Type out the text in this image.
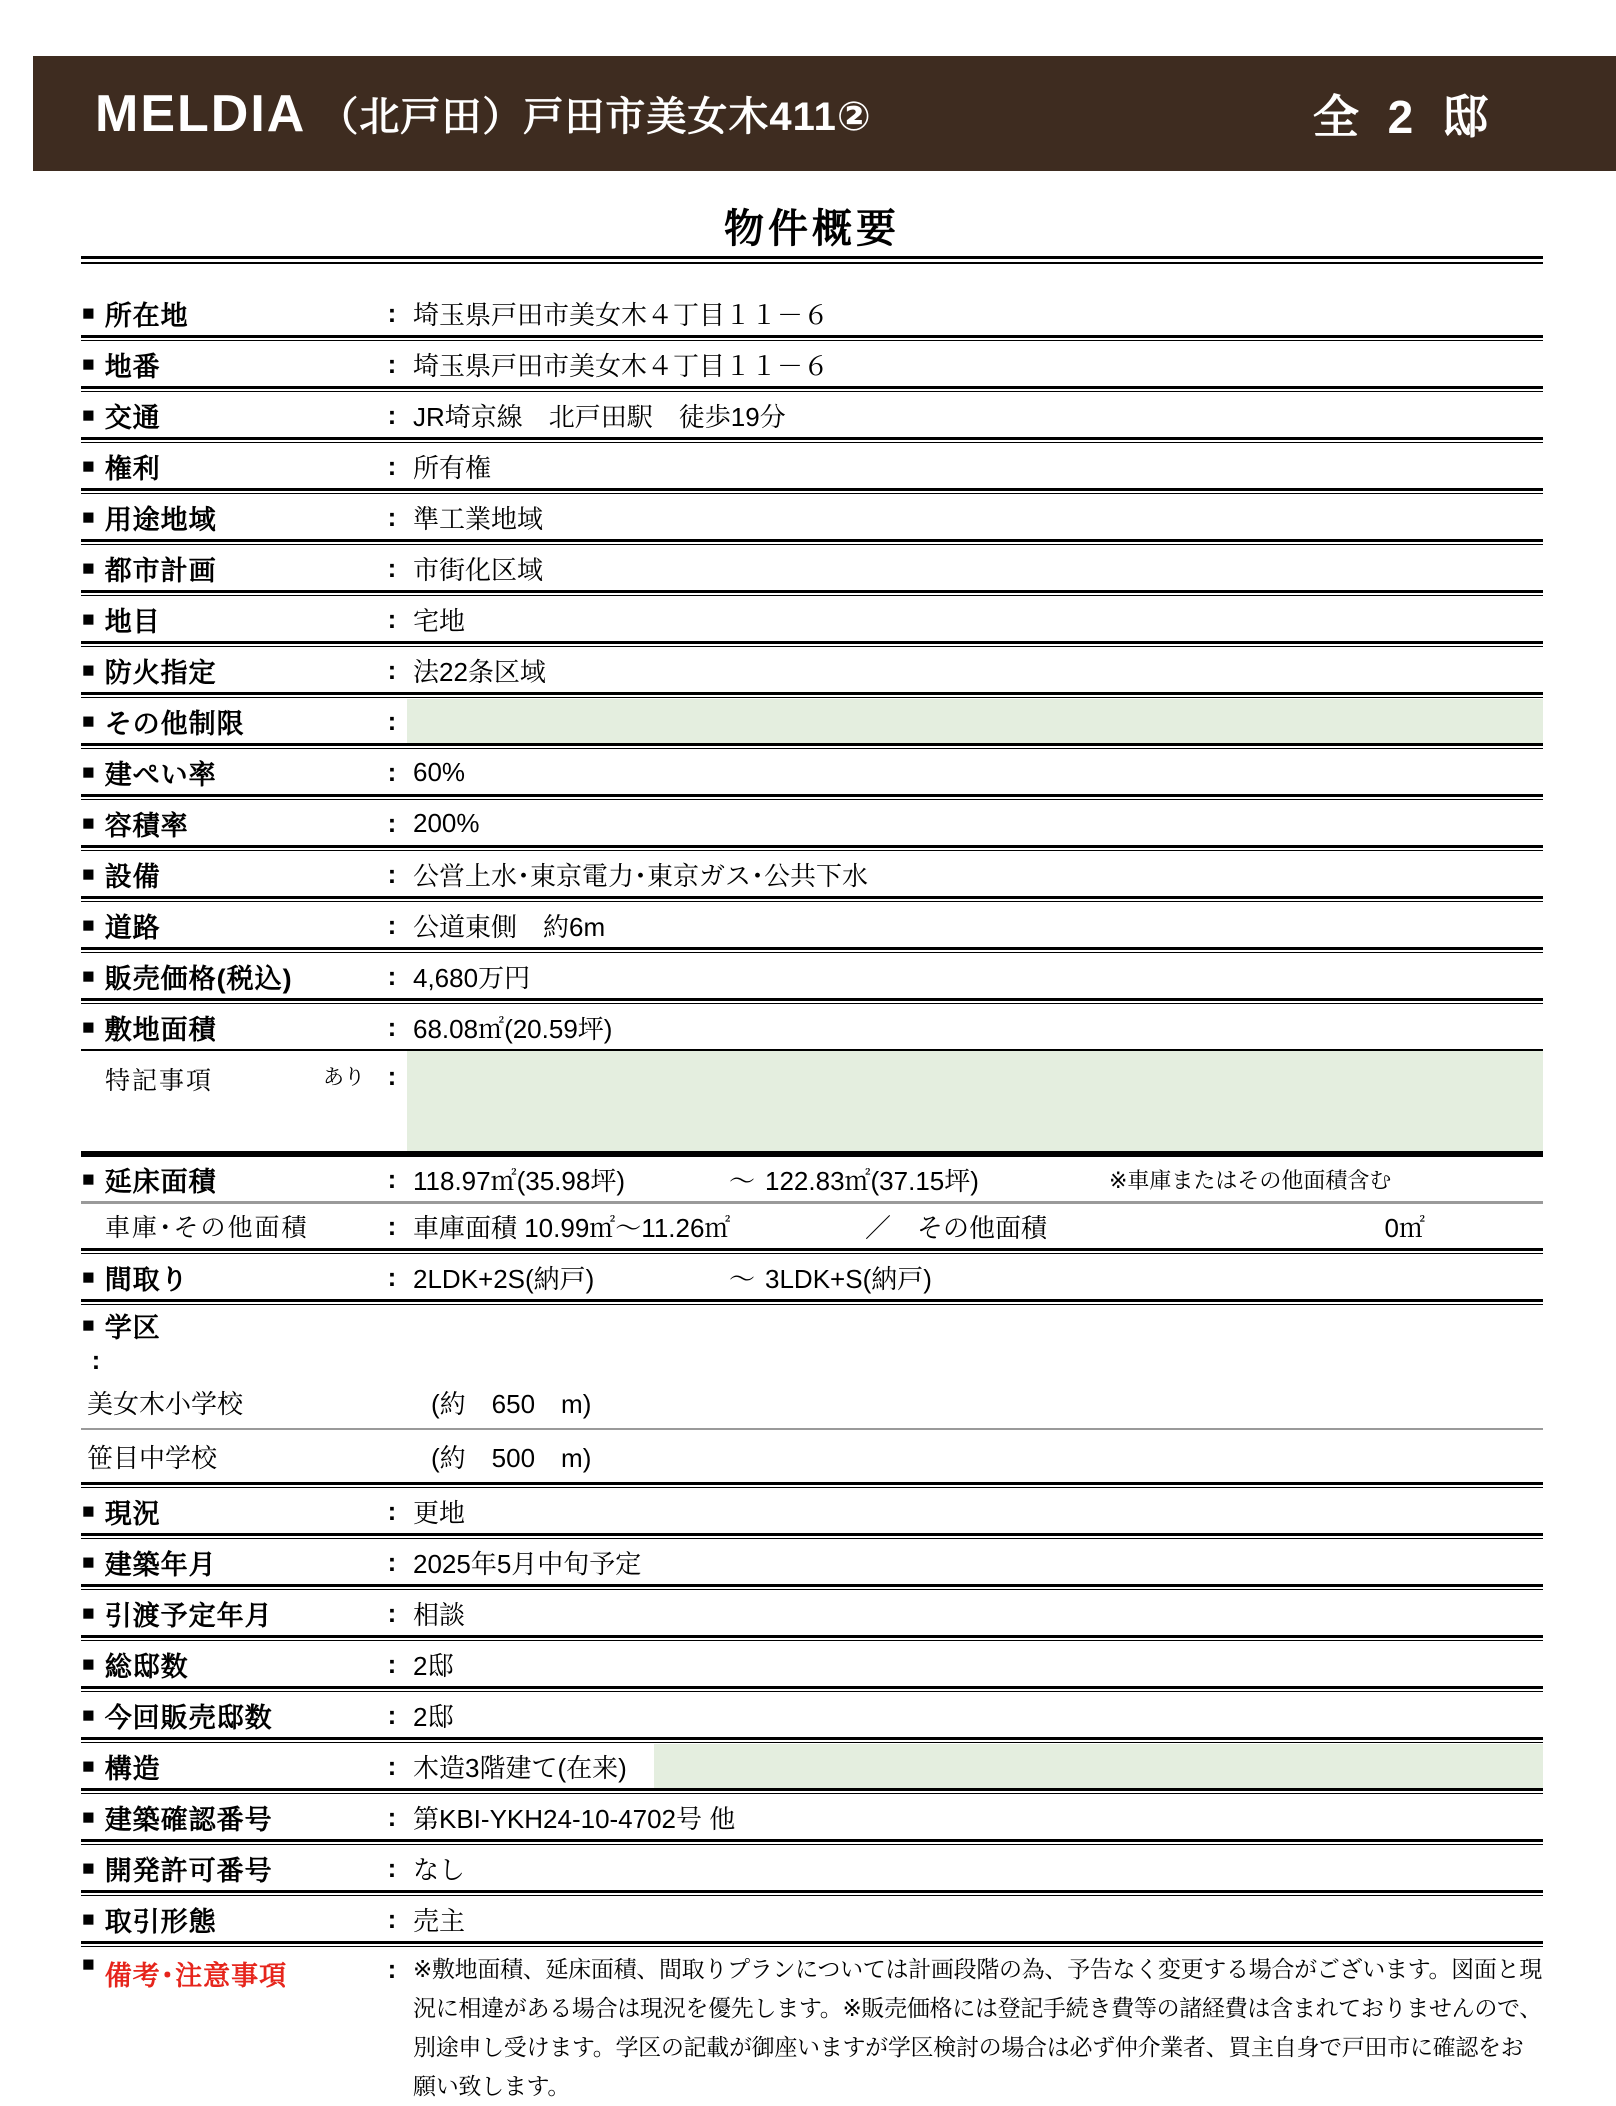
MELDIA （北戸田）戸田市美女木411②	全 2 邸
物件概要
■ 所在地	: 埼玉県戸田市美女木４丁目１１－６
■ 地番	: 埼玉県戸田市美女木４丁目１１－６
■ 交通	: JR埼京線　北戸田駅　徒歩19分
■ 権利	: 所有権
■ 用途地域	: 準工業地域
■ 都市計画	: 市街化区域
■ 地目	: 宅地
■ 防火指定	: 法22条区域
■ その他制限	:
■ 建ぺい率	: 60%
■ 容積率	: 200%
■ 設備	: 公営上水･東京電力･東京ガス･公共下水
■ 道路	: 公道東側　約6m
■ 販売価格(税込)	: 4,680万円
■ 敷地面積	: 68.08㎡(20.59坪)
特記事項	あり :
■ 延床面積	: 118.97㎡(35.98坪)	～ 122.83㎡(37.15坪)	※車庫またはその他面積含む
車庫･その他面積	: 車庫面積 10.99㎡～11.26㎡	／　その他面積	0㎡
■ 間取り	: 2LDK+2S(納戸)	～ 3LDK+S(納戸)
■ 学区
:
美女木小学校	(約　650　m)
笹目中学校	(約　500　m)
■ 現況	: 更地
■ 建築年月	: 2025年5月中旬予定
■ 引渡予定年月	: 相談
■ 総邸数	: 2邸
■ 今回販売邸数	: 2邸
■ 構造	: 木造3階建て(在来)
■ 建築確認番号	: 第KBI-YKH24-10-4702号 他
■ 開発許可番号	: なし
■ 取引形態	: 売主
■ 備考･注意事項	: ※敷地面積、延床面積、間取りプランについては計画段階の為、予告なく変更する場合がございます。図面と現況に相違がある場合は現況を優先します。※販売価格には登記手続き費等の諸経費は含まれておりませんので、別途申し受けます。学区の記載が御座いますが学区検討の場合は必ず仲介業者、買主自身で戸田市に確認をお願い致します。
